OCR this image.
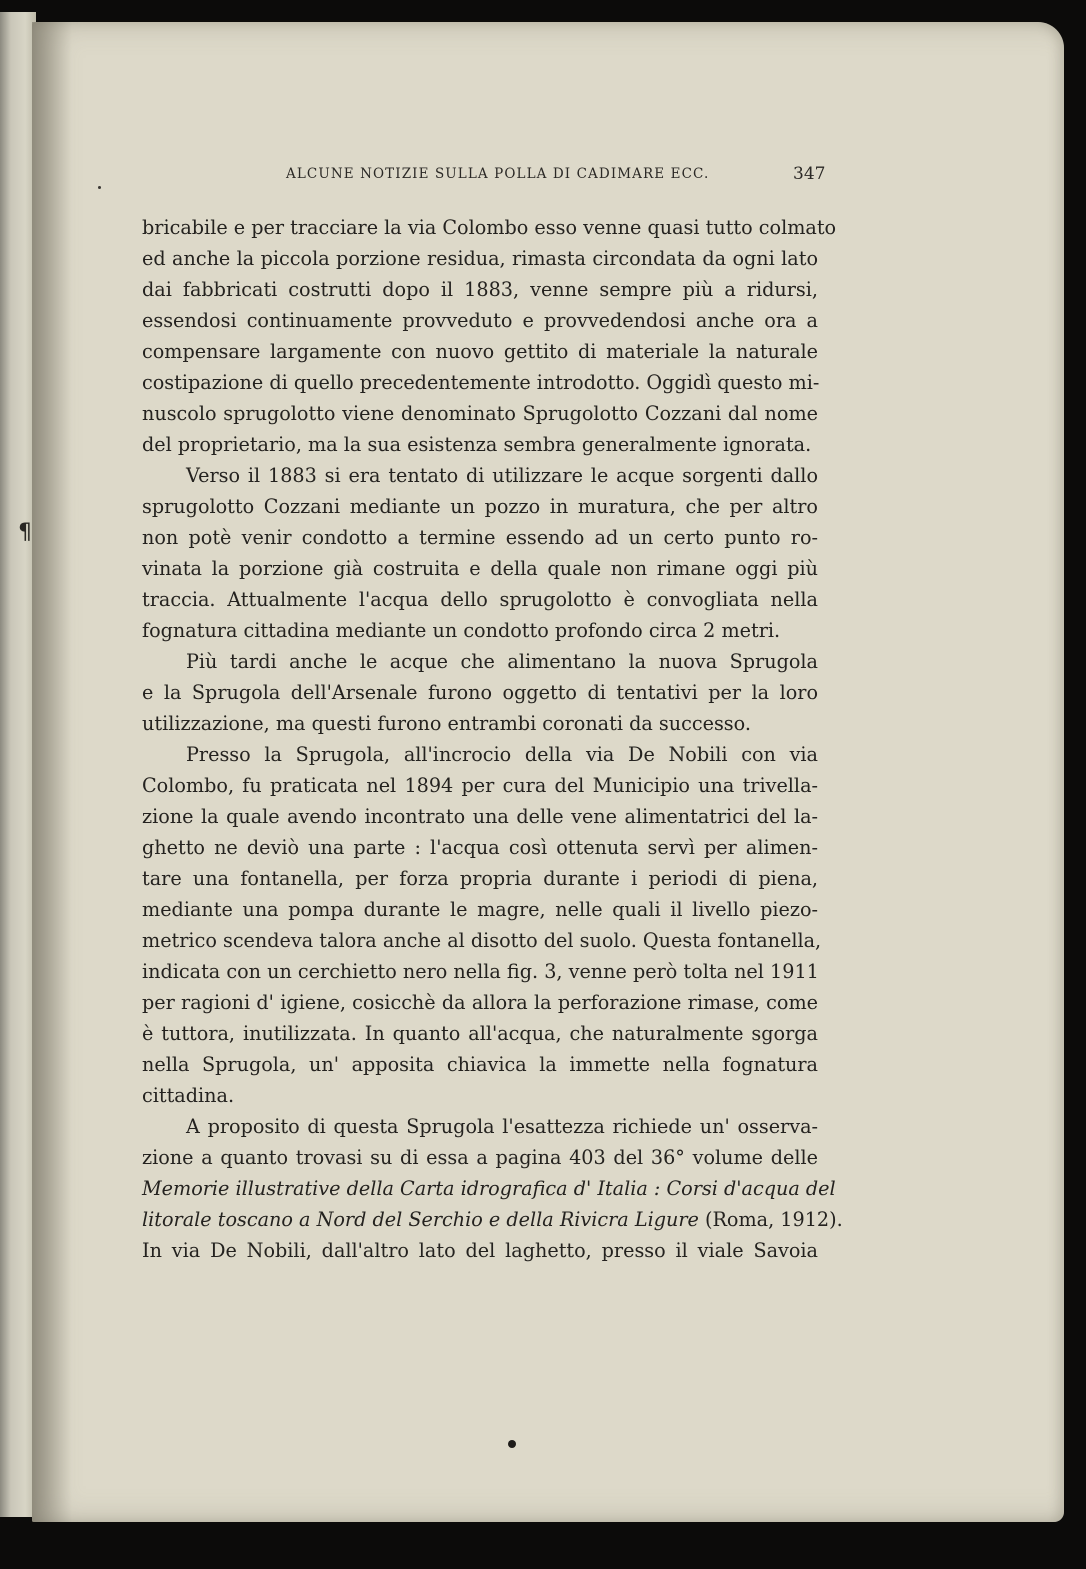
¶
ALCUNE NOTIZIE SULLA POLLA DI CADIMARE ECC.	347

bricabile e per tracciare la via Colombo esso venne quasi tutto colmato
ed anche la piccola porzione residua, rimasta circondata da ogni lato
dai fabbricati costrutti dopo il 1883, venne sempre più a ridursi,
essendosi continuamente provveduto e provvedendosi anche ora a
compensare largamente con nuovo gettito di materiale la naturale
costipazione di quello precedentemente introdotto. Oggidì questo mi-
nuscolo sprugolotto viene denominato Sprugolotto Cozzani dal nome
del proprietario, ma la sua esistenza sembra generalmente ignorata.

Verso il 1883 si era tentato di utilizzare le acque sorgenti dallo
sprugolotto Cozzani mediante un pozzo in muratura, che per altro
non potè venir condotto a termine essendo ad un certo punto ro-
vinata la porzione già costruita e della quale non rimane oggi più
traccia. Attualmente l'acqua dello sprugolotto è convogliata nella
fognatura cittadina mediante un condotto profondo circa 2 metri.

Più tardi anche le acque che alimentano la nuova Sprugola
e la Sprugola dell'Arsenale furono oggetto di tentativi per la loro
utilizzazione, ma questi furono entrambi coronati da successo.

Presso la Sprugola, all'incrocio della via De Nobili con via
Colombo, fu praticata nel 1894 per cura del Municipio una trivella-
zione la quale avendo incontrato una delle vene alimentatrici del la-
ghetto ne deviò una parte : l'acqua così ottenuta servì per alimen-
tare una fontanella, per forza propria durante i periodi di piena,
mediante una pompa durante le magre, nelle quali il livello piezo-
metrico scendeva talora anche al disotto del suolo. Questa fontanella,
indicata con un cerchietto nero nella fig. 3, venne però tolta nel 1911
per ragioni d' igiene, cosicchè da allora la perforazione rimase, come
è tuttora, inutilizzata. In quanto all'acqua, che naturalmente sgorga
nella Sprugola, un' apposita chiavica la immette nella fognatura
cittadina.

A proposito di questa Sprugola l'esattezza richiede un' osserva-
zione a quanto trovasi su di essa a pagina 403 del 36° volume delle
Memorie illustrative della Carta idrografica d' Italia : Corsi d'acqua del
litorale toscano a Nord del Serchio e della Rivicra Ligure (Roma, 1912).
In via De Nobili, dall'altro lato del laghetto, presso il viale Savoia
